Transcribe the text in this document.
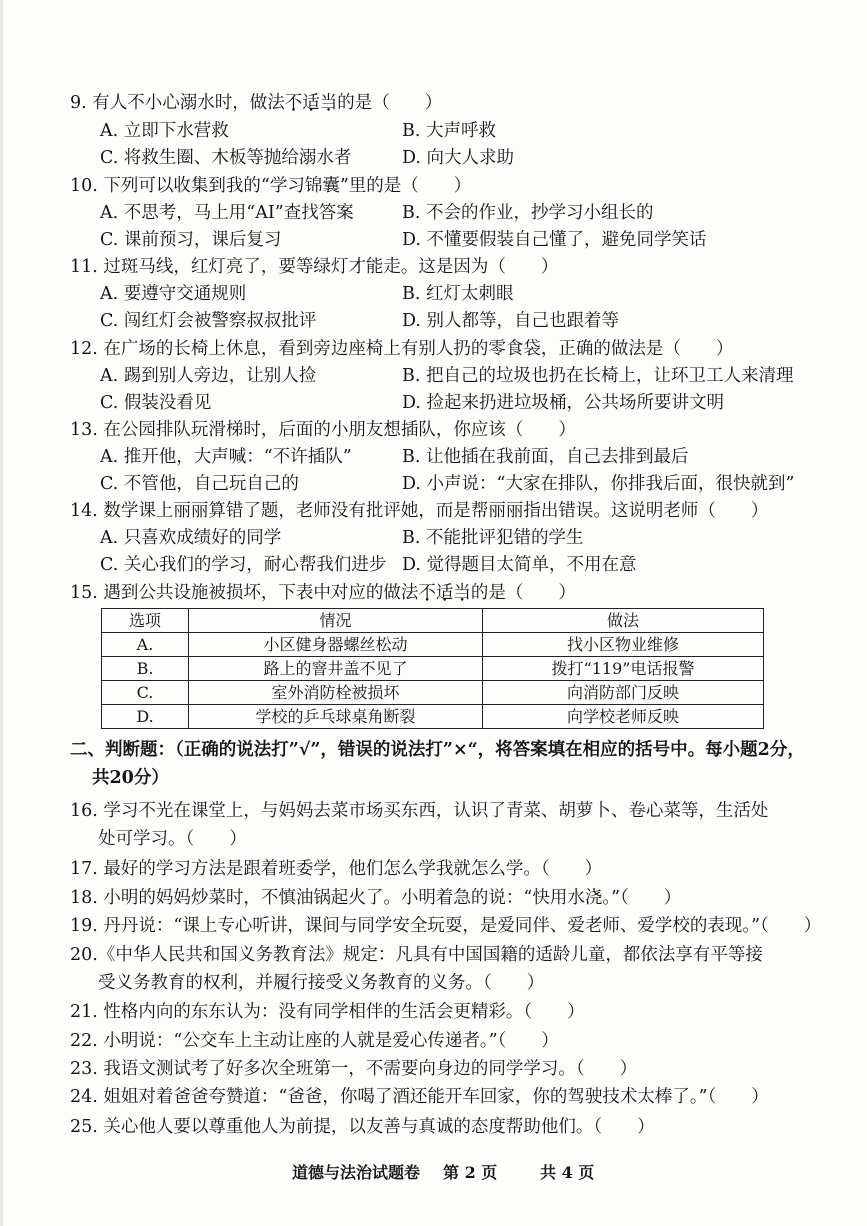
9. 有人不小心溺水时，做法不适当的是（　　）
A. 立即下水营救	B. 大声呼救
C. 将救生圈、木板等抛给溺水者	D. 向大人求助
10. 下列可以收集到我的“学习锦囊”里的是（　　）
A. 不思考，马上用“AI”查找答案	B. 不会的作业，抄学习小组长的
C. 课前预习，课后复习	D. 不懂要假装自己懂了，避免同学笑话
11. 过斑马线，红灯亮了，要等绿灯才能走。这是因为（　　）
A. 要遵守交通规则	B. 红灯太刺眼
C. 闯红灯会被警察叔叔批评	D. 别人都等，自己也跟着等
12. 在广场的长椅上休息，看到旁边座椅上有别人扔的零食袋，正确的做法是（　　）
A. 踢到别人旁边，让别人捡	B. 把自己的垃圾也扔在长椅上，让环卫工人来清理
C. 假装没看见	D. 捡起来扔进垃圾桶，公共场所要讲文明
13. 在公园排队玩滑梯时，后面的小朋友想插队，你应该（　　）
A. 推开他，大声喊：“不许插队”	B. 让他插在我前面，自己去排到最后
C. 不管他，自己玩自己的	D. 小声说：“大家在排队，你排我后面，很快就到”
14. 数学课上丽丽算错了题，老师没有批评她，而是帮丽丽指出错误。这说明老师（　　）
A. 只喜欢成绩好的同学	B. 不能批评犯错的学生
C. 关心我们的学习，耐心帮我们进步 D. 觉得题目太简单，不用在意
15. 遇到公共设施被损坏，下表中对应的做法不适当的是（　　）
选项	情况	做法
A.	小区健身器螺丝松动	找小区物业维修
B.	路上的窨井盖不见了	拨打“119”电话报警
C.	室外消防栓被损坏	向消防部门反映
D.	学校的乒乓球桌角断裂	向学校老师反映
二、判断题：（正确的说法打”√”，错误的说法打”×“，将答案填在相应的括号中。每小题2分，
共20分）
16. 学习不光在课堂上，与妈妈去菜市场买东西，认识了青菜、胡萝卜、卷心菜等，生活处
处可学习。（　　）
17. 最好的学习方法是跟着班委学，他们怎么学我就怎么学。（　　）
18. 小明的妈妈炒菜时，不慎油锅起火了。小明着急的说：“快用水浇。”（　　）
19. 丹丹说：“课上专心听讲，课间与同学安全玩耍，是爱同伴、爱老师、爱学校的表现。”（　　）
20.《中华人民共和国义务教育法》规定：凡具有中国国籍的适龄儿童，都依法享有平等接
受义务教育的权利，并履行接受义务教育的义务。（　　）
21. 性格内向的东东认为：没有同学相伴的生活会更精彩。（　　）
22. 小明说：“公交车上主动让座的人就是爱心传递者。”（　　）
23. 我语文测试考了好多次全班第一，不需要向身边的同学学习。（　　）
24. 姐姐对着爸爸夸赞道：“爸爸，你喝了酒还能开车回家，你的驾驶技术太棒了。”（　　）
25. 关心他人要以尊重他人为前提，以友善与真诚的态度帮助他们。（　　）
道德与法治试题卷 第 2 页	共 4 页
